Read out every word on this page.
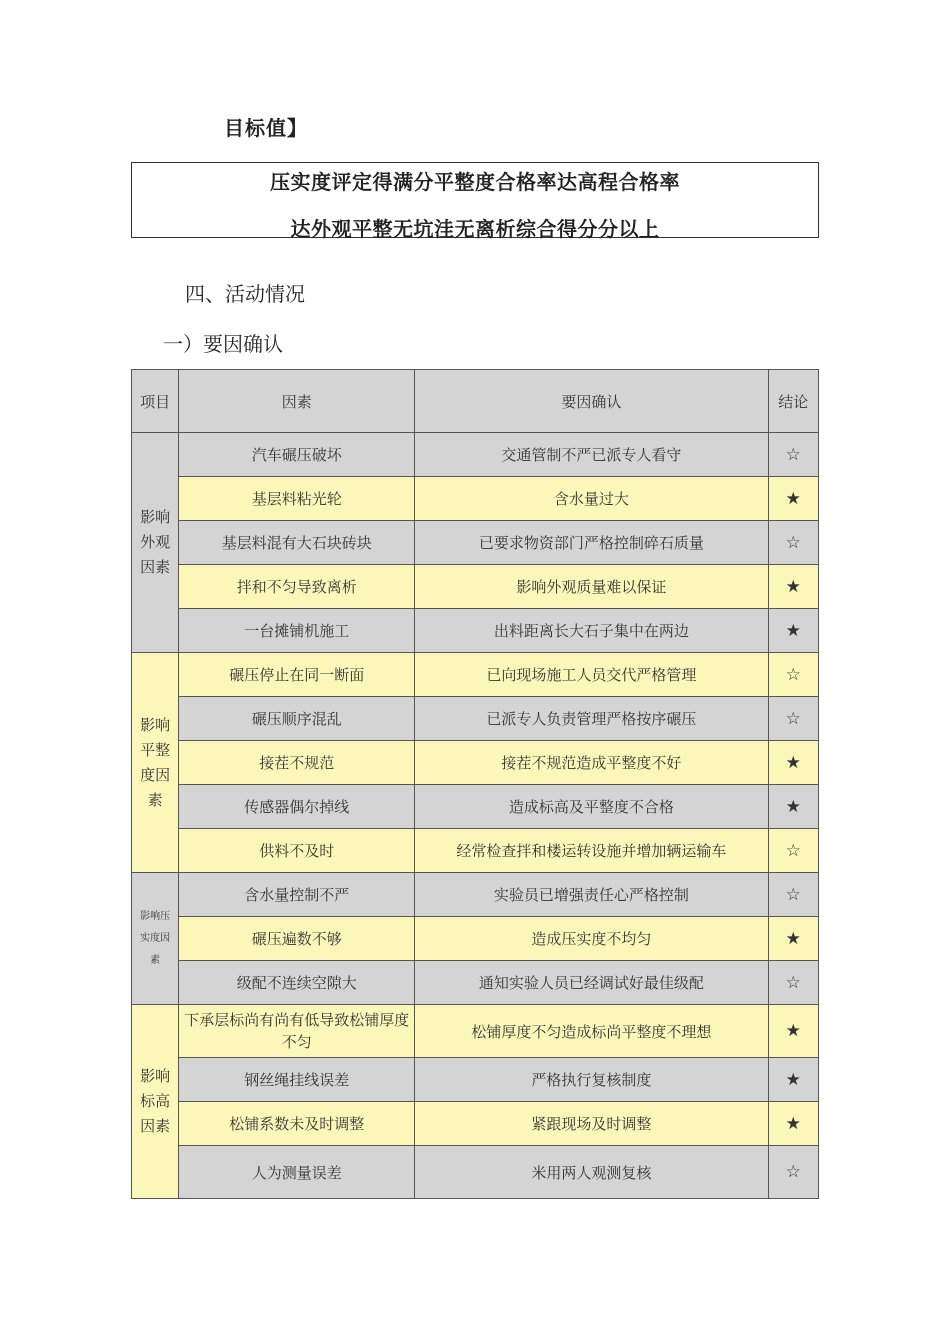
目标值】
压实度评定得满分平整度合格率达高程合格率
达外观平整无坑洼无离析综合得分分以上
四、活动情况
一）要因确认
项目	因素	要因确认	结论
影响外观因素	汽车碾压破坏	交通管制不严已派专人看守	☆
	基层料粘光轮	含水量过大	★
	基层料混有大石块砖块	已要求物资部门严格控制碎石质量	☆
	拌和不匀导致离析	影响外观质量难以保证	★
	一台摊铺机施工	出料距离长大石子集中在两边	★
影响平整度因素	碾压停止在同一断面	已向现场施工人员交代严格管理	☆
	碾压顺序混乱	已派专人负责管理严格按序碾压	☆
	接茬不规范	接茬不规范造成平整度不好	★
	传感器偶尔掉线	造成标高及平整度不合格	★
	供料不及时	经常检查拌和楼运转设施并增加辆运输车	☆
影响压实度因素	含水量控制不严	实验员已增强责任心严格控制	☆
	碾压遍数不够	造成压实度不均匀	★
	级配不连续空隙大	通知实验人员已经调试好最佳级配	☆
影响标高因素	下承层标尚有尚有低导致松铺厚度不匀	松铺厚度不匀造成标尚平整度不理想	★
	钢丝绳挂线误差	严格执行复核制度	★
	松铺系数未及时调整	紧跟现场及时调整	★
	人为测量误差	米用两人观测复核	☆
